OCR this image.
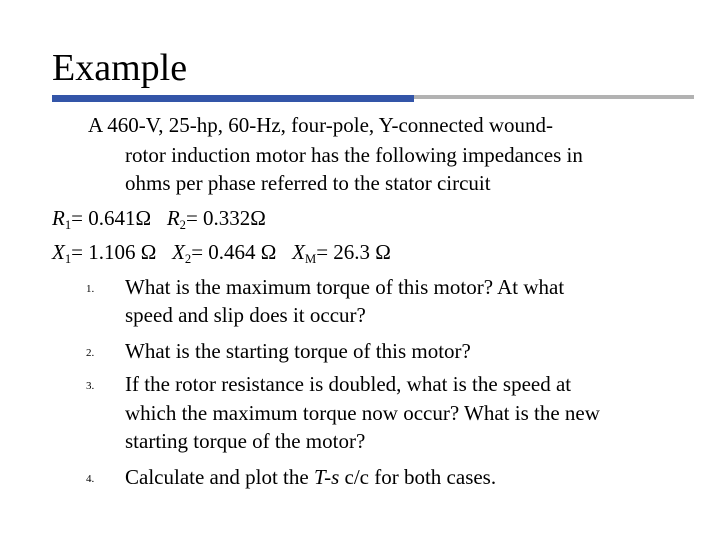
Example
A 460-V, 25-hp, 60-Hz, four-pole, Y-connected wound-
rotor induction motor has the following impedances in
ohms per phase referred to the stator circuit
$R_1= 0.641\Omega$ $R_2= 0.332\Omega$
$X_1= 1.106$ Ω $X_2= 0.464$ Ω $X_M= 26.3$ Ω
1. What is the maximum torque of this motor? At what
speed and slip does it occur?
2. What is the starting torque of this motor?
3. If the rotor resistance is doubled, what is the speed at
which the maximum torque now occur? What is the new
starting torque of the motor?
4. Calculate and plot the T-s c/c for both cases.
